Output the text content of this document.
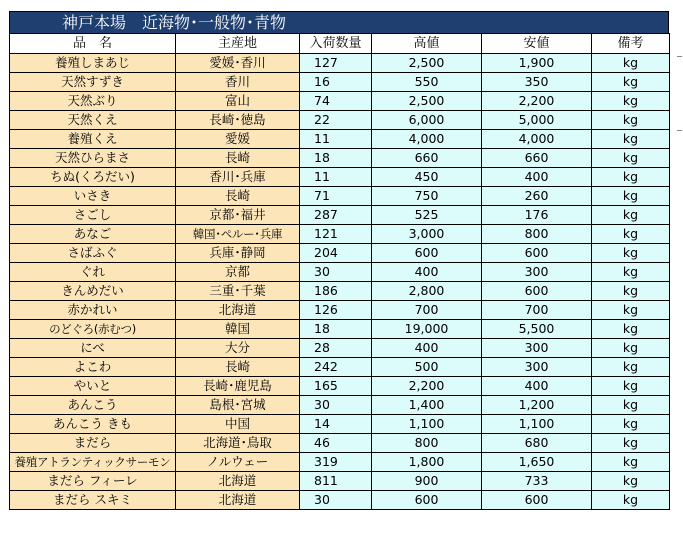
神戸本場　近海物･一般物･青物
品　名	主産地	入荷数量	高値	安値	備考
養殖しまあじ	愛媛･香川	127	2,500	1,900	kg
天然すずき	香川	16	550	350	kg
天然ぶり	富山	74	2,500	2,200	kg
天然くえ	長崎･徳島	22	6,000	5,000	kg
養殖くえ	愛媛	11	4,000	4,000	kg
天然ひらまさ	長崎	18	660	660	kg
ちぬ(くろだい)	香川･兵庫	11	450	400	kg
いさき	長崎	71	750	260	kg
さごし	京都･福井	287	525	176	kg
あなご	韓国･ペルー･兵庫	121	3,000	800	kg
さばふぐ	兵庫･静岡	204	600	600	kg
ぐれ	京都	30	400	300	kg
きんめだい	三重･千葉	186	2,800	600	kg
赤かれい	北海道	126	700	700	kg
のどぐろ(赤むつ)	韓国	18	19,000	5,500	kg
にべ	大分	28	400	300	kg
よこわ	長崎	242	500	300	kg
やいと	長崎･鹿児島	165	2,200	400	kg
あんこう	島根･宮城	30	1,400	1,200	kg
あんこう きも	中国	14	1,100	1,100	kg
まだら	北海道･鳥取	46	800	680	kg
養殖アトランティックサーモン	ノルウェー	319	1,800	1,650	kg
まだら フィーレ	北海道	811	900	733	kg
まだら スキミ	北海道	30	600	600	kg
